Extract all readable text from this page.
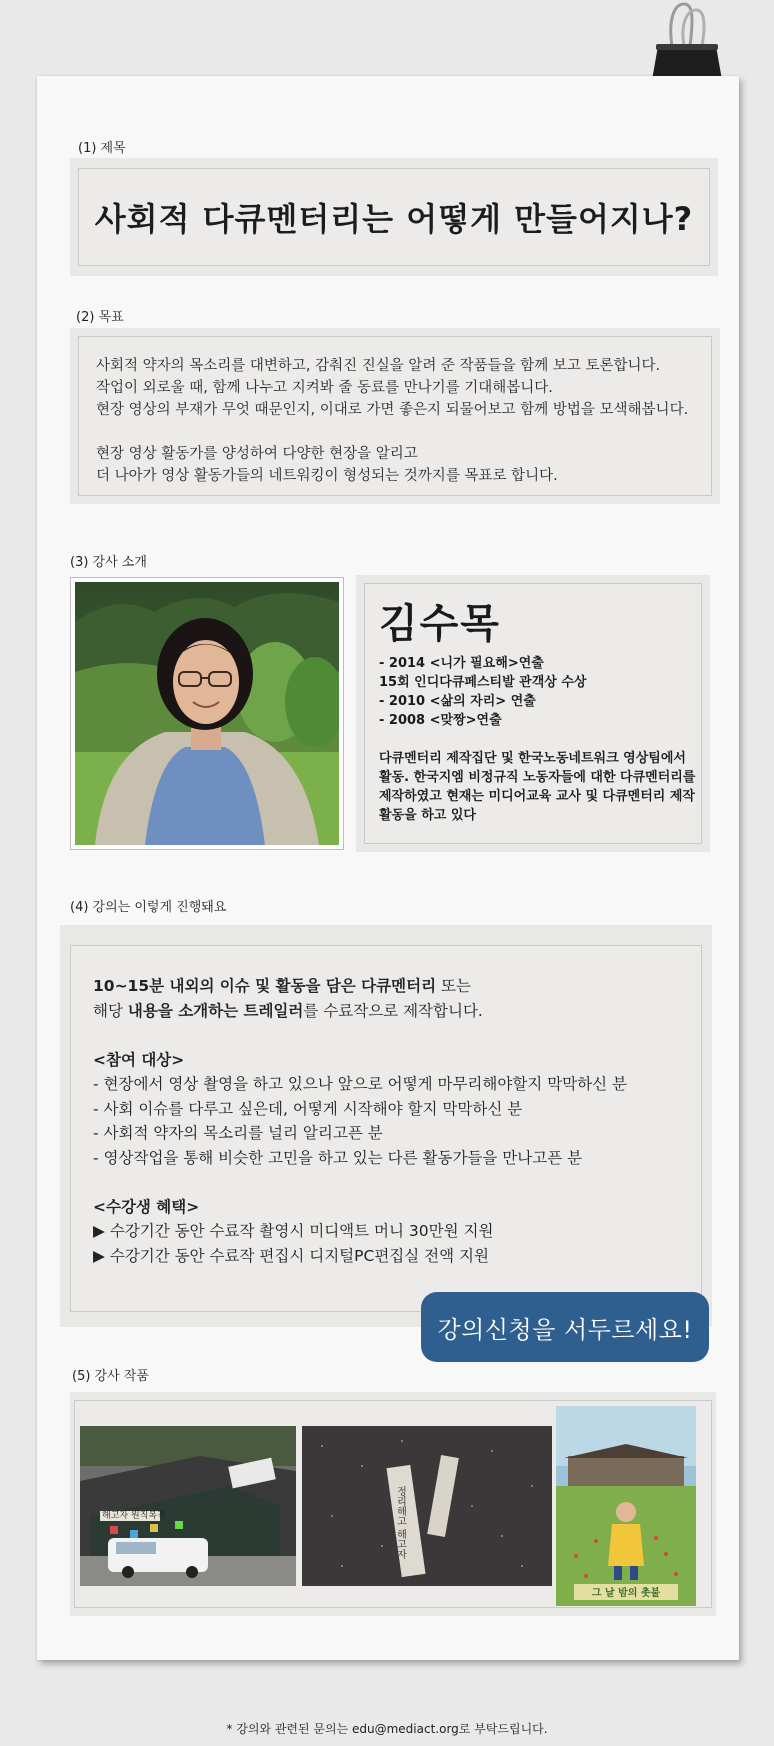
(1) 제목
사회적 다큐멘터리는 어떻게 만들어지나?
(2) 목표

사회적 약자의 목소리를 대변하고, 감춰진 진실을 알려 준 작품들을 함께 보고 토론합니다.

작업이 외로울 때, 함께 나누고 지켜봐 줄 동료를 만나기를 기대해봅니다.

현장 영상의 부재가 무엇 때문인지, 이대로 가면 좋은지 되물어보고 함께 방법을 모색해봅니다.

현장 영상 활동가를 양성하여 다양한 현장을 알리고

더 나아가 영상 활동가들의 네트워킹이 형성되는 것까지를 목표로 합니다.

(3) 강사 소개
김수목

- 2014 <니가 필요해>연출

15회 인디다큐페스티발 관객상 수상

- 2010 <삶의 자리> 연출

- 2008 <맞짱>연출

다큐멘터리 제작집단 및 한국노동네트워크 영상팀에서

활동. 한국지엠 비정규직 노동자들에 대한 다큐멘터리를

제작하였고 현재는 미디어교육 교사 및 다큐멘터리 제작

활동을 하고 있다

(4) 강의는 이렇게 진행돼요

10~15분 내외의 이슈 및 활동을 담은 다큐멘터리 또는

해당 내용을 소개하는 트레일러를 수료작으로 제작합니다.

<참여 대상>

- 현장에서 영상 촬영을 하고 있으나 앞으로 어떻게 마무리해야할지 막막하신 분

- 사회 이슈를 다루고 싶은데, 어떻게 시작해야 할지 막막하신 분

- 사회적 약자의 목소리를 널리 알리고픈 분

- 영상작업을 통해 비슷한 고민을 하고 있는 다른 활동가들을 만나고픈 분

<수강생 혜택>

▶ 수강기간 동안 수료작 촬영시 미디액트 머니 30만원 지원

▶ 수강기간 동안 수료작 편집시 디지털PC편집실 전액 지원

강의신청을 서두르세요!
(5) 강사 작품
해고자 원직복직	정리해고 해고자
그 날 밤의 촛불
* 강의와 관련된 문의는 edu@mediact.org로 부탁드립니다.
